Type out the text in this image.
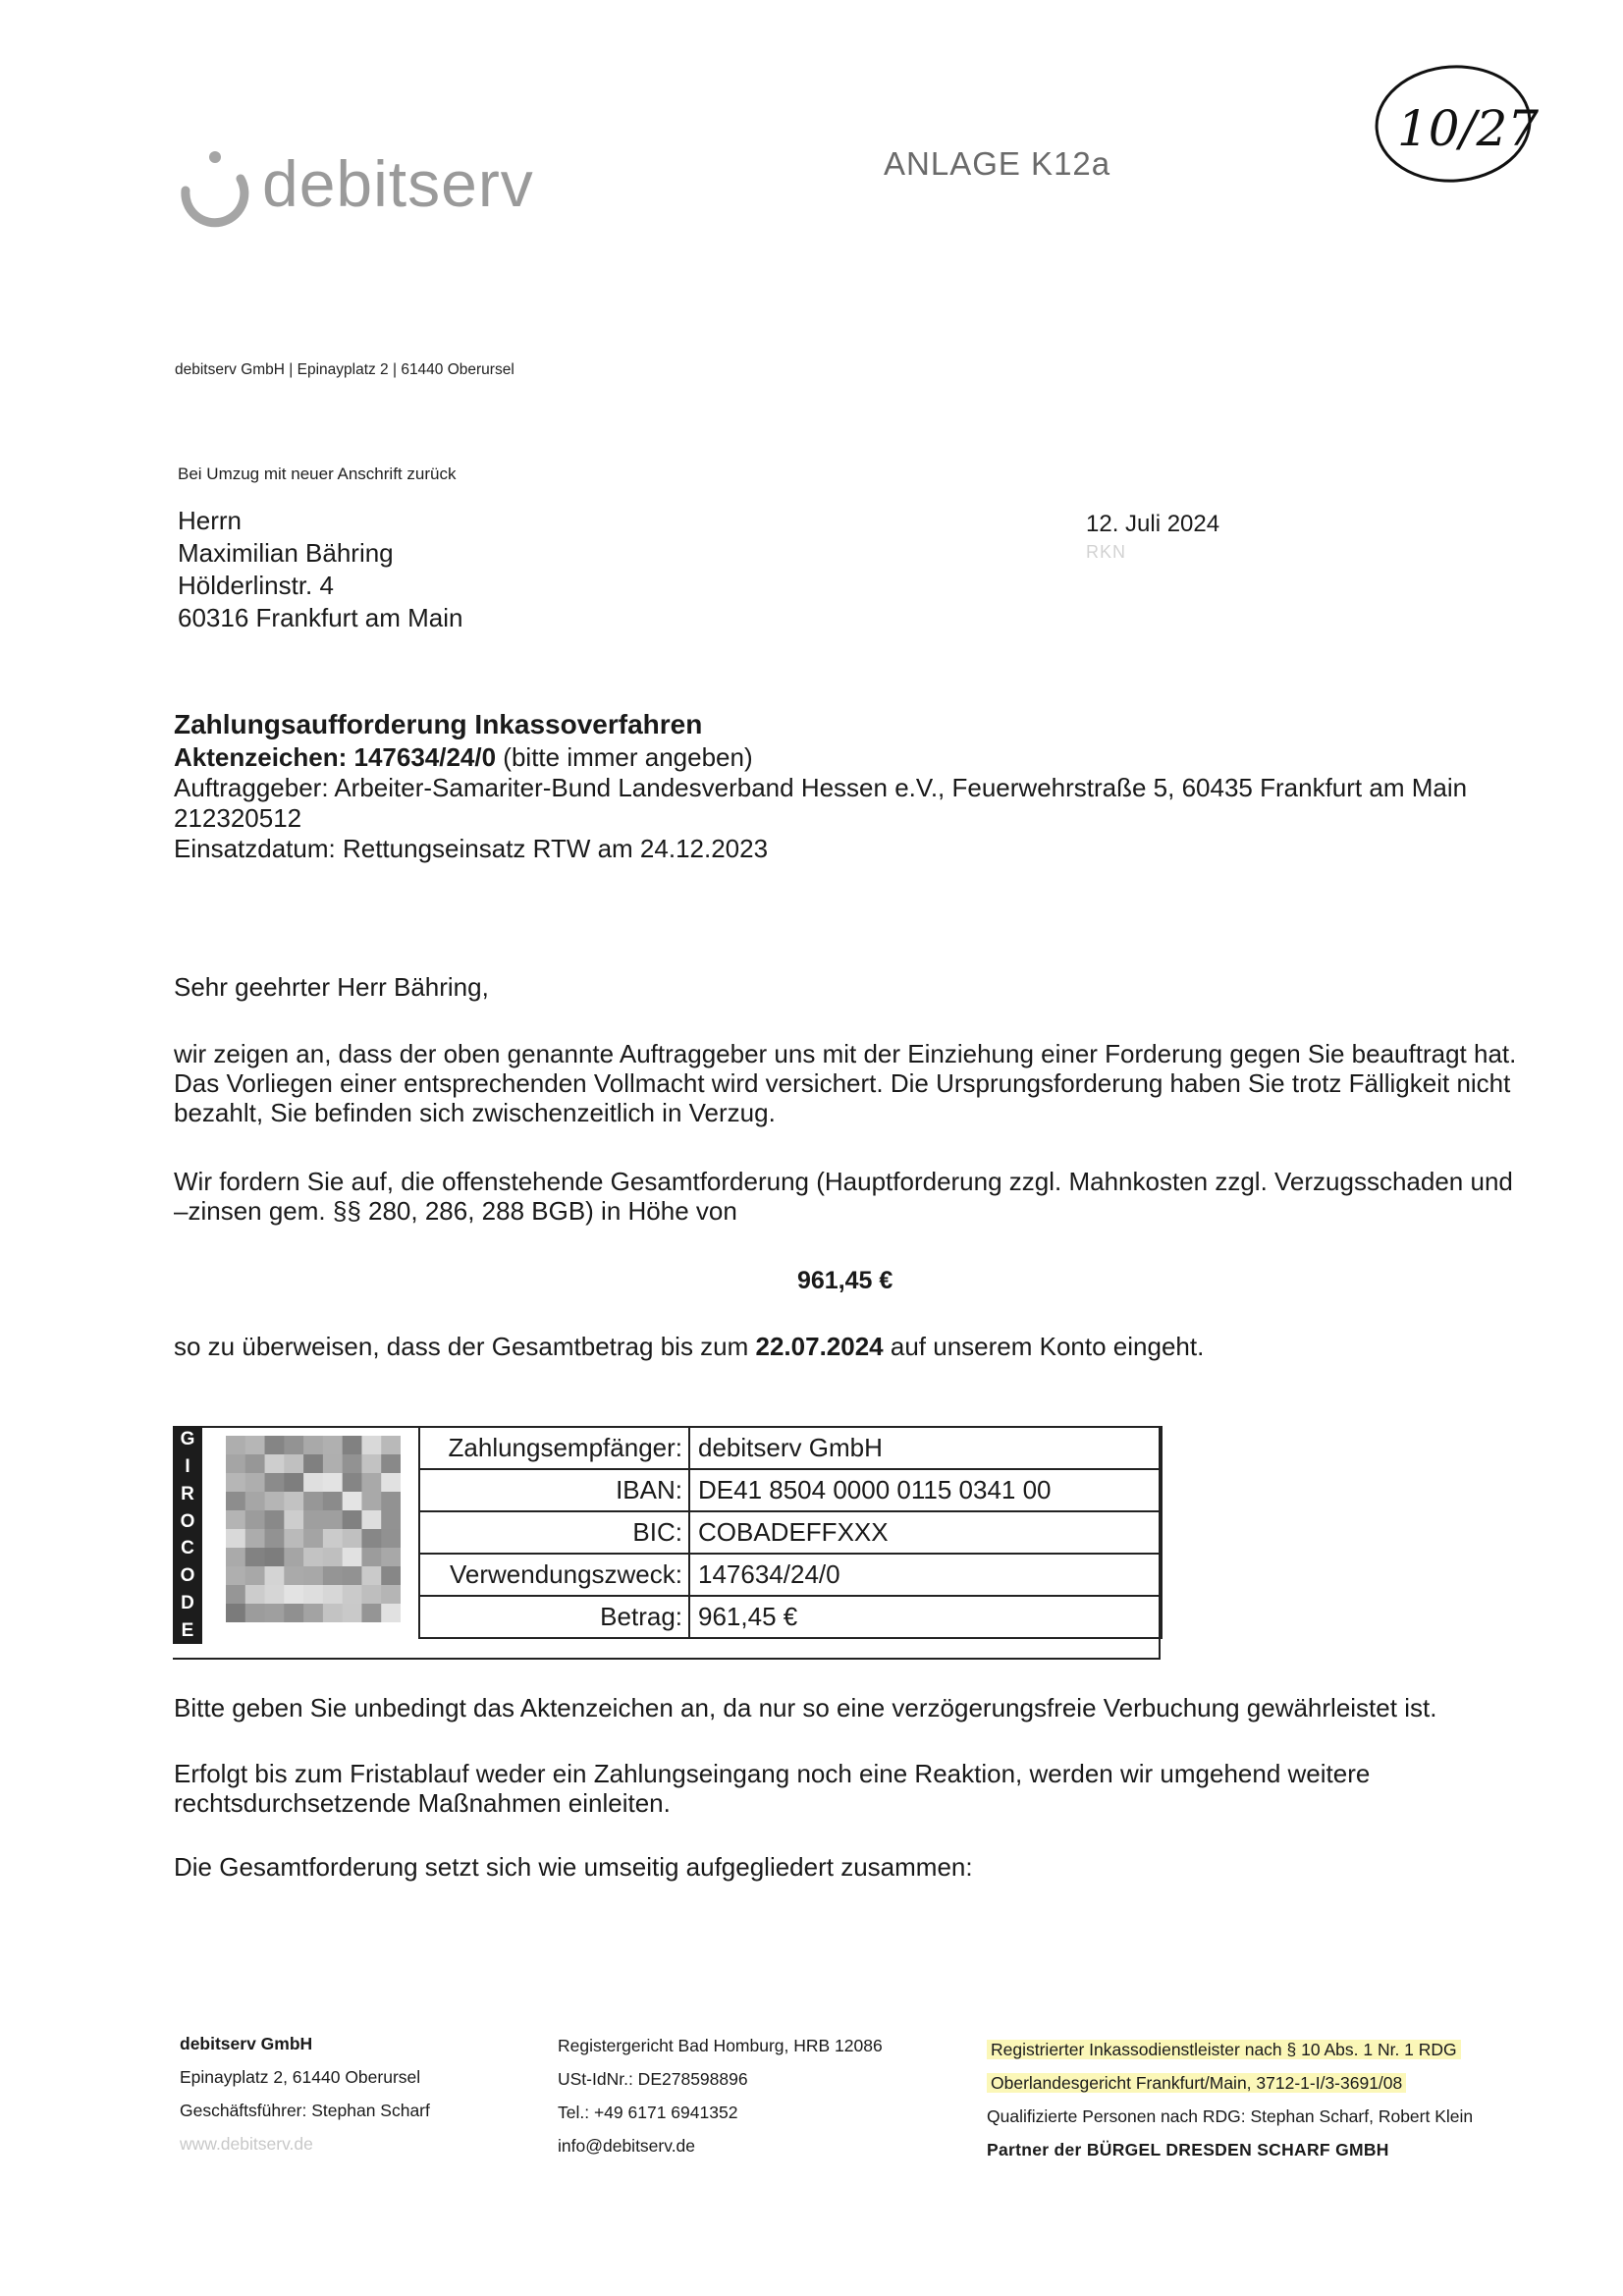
debitserv	ANLAGE K12a
10/27
debitserv GmbH | Epinayplatz 2 | 61440 Oberursel
Bei Umzug mit neuer Anschrift zurück
Herrn
Maximilian Bähring
Hölderlinstr. 4
60316 Frankfurt am Main
12. Juli 2024
RKN
Zahlungsaufforderung Inkassoverfahren
Aktenzeichen: 147634/24/0 (bitte immer angeben)
Auftraggeber: Arbeiter-Samariter-Bund Landesverband Hessen e.V., Feuerwehrstraße 5, 60435 Frankfurt am Main
212320512
Einsatzdatum: Rettungseinsatz RTW am 24.12.2023
Sehr geehrter Herr Bähring,
wir zeigen an, dass der oben genannte Auftraggeber uns mit der Einziehung einer Forderung gegen Sie beauftragt hat. Das Vorliegen einer entsprechenden Vollmacht wird versichert. Die Ursprungsforderung haben Sie trotz Fälligkeit nicht bezahlt, Sie befinden sich zwischenzeitlich in Verzug.
Wir fordern Sie auf, die offenstehende Gesamtforderung (Hauptforderung zzgl. Mahnkosten zzgl. Verzugsschaden und –zinsen gem. §§ 280, 286, 288 BGB) in Höhe von
961,45 €
so zu überweisen, dass der Gesamtbetrag bis zum 22.07.2024 auf unserem Konto eingeht.
G
I
R
O
C
O
D
E
Zahlungsempfänger:	debitserv GmbH
IBAN:	DE41 8504 0000 0115 0341 00
BIC:	COBADEFFXXX
Verwendungszweck:	147634/24/0
Betrag:	961,45 €
Bitte geben Sie unbedingt das Aktenzeichen an, da nur so eine verzögerungsfreie Verbuchung gewährleistet ist.
Erfolgt bis zum Fristablauf weder ein Zahlungseingang noch eine Reaktion, werden wir umgehend weitere rechtsdurchsetzende Maßnahmen einleiten.
Die Gesamtforderung setzt sich wie umseitig aufgegliedert zusammen:
debitserv GmbH
Epinayplatz 2, 61440 Oberursel
Geschäftsführer: Stephan Scharf
www.debitserv.de
Registergericht Bad Homburg, HRB 12086
USt-IdNr.: DE278598896
Tel.: +49 6171 6941352
info@debitserv.de
Registrierter Inkassodienstleister nach § 10 Abs. 1 Nr. 1 RDG
Oberlandesgericht Frankfurt/Main, 3712-1-I/3-3691/08
Qualifizierte Personen nach RDG: Stephan Scharf, Robert Klein
Partner der BÜRGEL DRESDEN SCHARF GMBH
